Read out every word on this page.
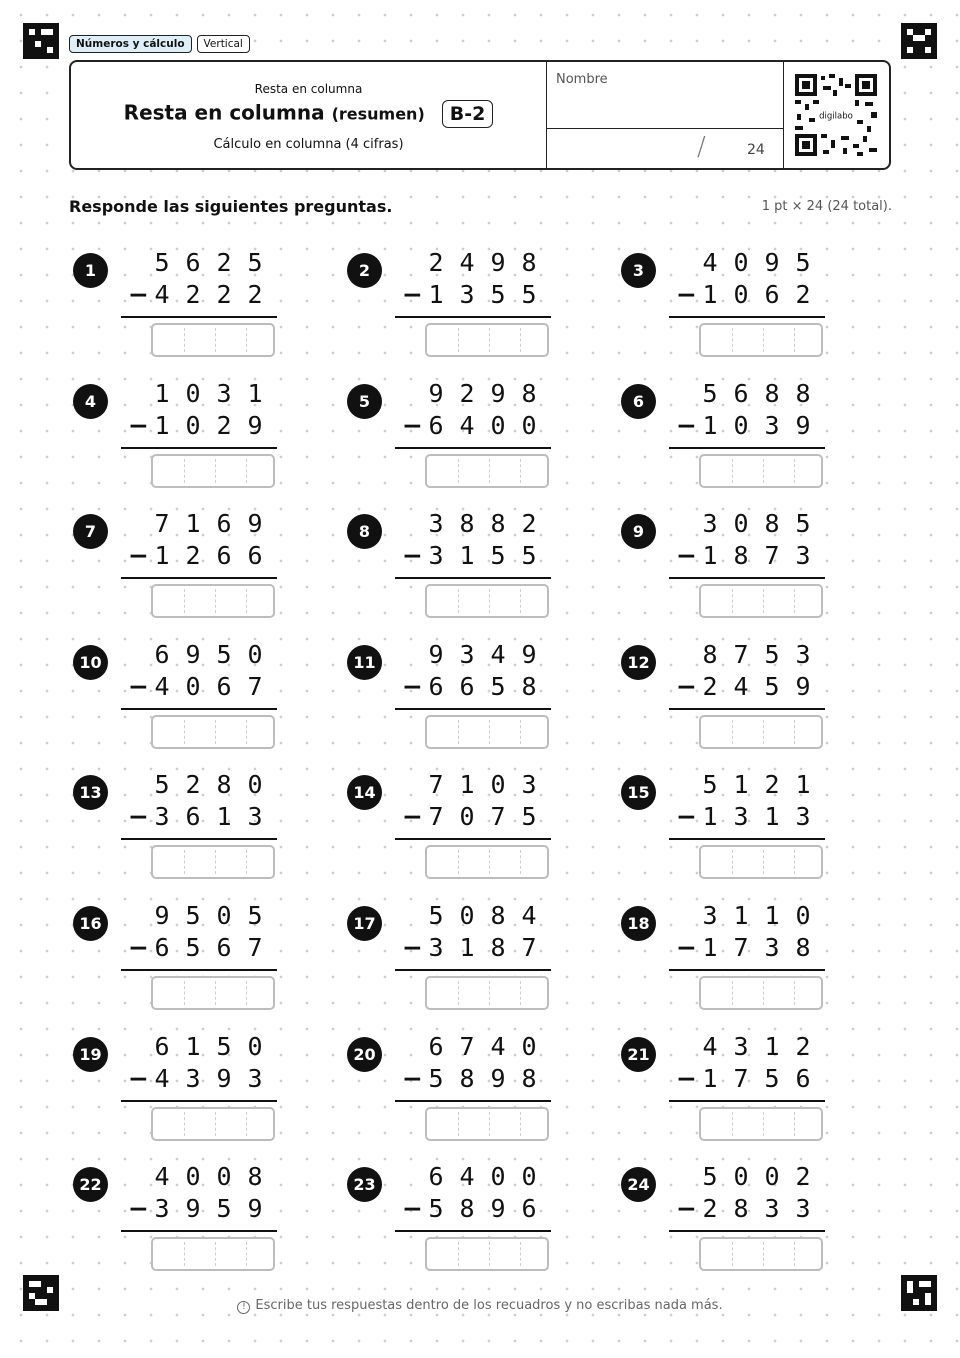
Números y cálculo	Vertical
Resta en columna
Resta en columna (resumen) B-2
Cálculo en columna (4 cifras)
Nombre
/	24
digilabo
Responde las siguientes preguntas.	1 pt × 24 (24 total).
1	5 6 2 5
− 4 2 2 2
2	2 4 9 8
− 1 3 5 5
3	4 0 9 5
− 1 0 6 2
4	1 0 3 1
− 1 0 2 9
5	9 2 9 8
− 6 4 0 0
6	5 6 8 8
− 1 0 3 9
7	7 1 6 9
− 1 2 6 6
8	3 8 8 2
− 3 1 5 5
9	3 0 8 5
− 1 8 7 3
10 6 9 5 0
− 4 0 6 7
11 9 3 4 9
− 6 6 5 8
12 8 7 5 3
− 2 4 5 9
13 5 2 8 0
− 3 6 1 3
14 7 1 0 3
− 7 0 7 5
15 5 1 2 1
− 1 3 1 3
16 9 5 0 5
− 6 5 6 7
17 5 0 8 4
− 3 1 8 7
18 3 1 1 0
− 1 7 3 8
19 6 1 5 0
− 4 3 9 3
20 6 7 4 0
− 5 8 9 8
21 4 3 1 2
− 1 7 5 6
22 4 0 0 8
− 3 9 5 9
23 6 4 0 0
− 5 8 9 6
24 5 0 0 2
− 2 8 3 3
! Escribe tus respuestas dentro de los recuadros y no escribas nada más.
